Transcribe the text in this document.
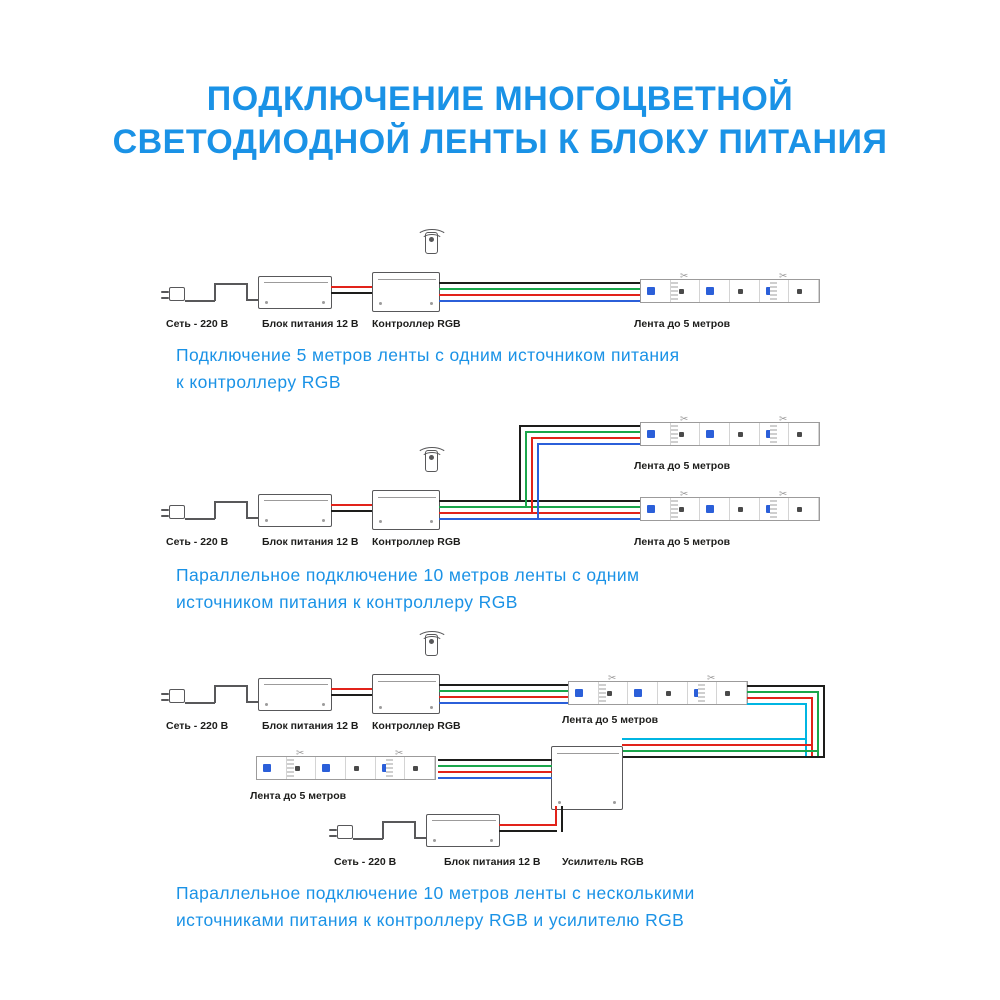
ПОДКЛЮЧЕНИЕ МНОГОЦВЕТНОЙ
СВЕТОДИОДНОЙ ЛЕНТЫ К БЛОКУ ПИТАНИЯ
✂	✂
Сеть - 220 В	Блок питания 12 В Контроллер RGB	Лента до 5 метров
Подключение 5 метров ленты с одним источником питания
к контроллеру RGB
✂	✂
Лента до 5 метров
✂	✂
Сеть - 220 В	Блок питания 12 В Контроллер RGB	Лента до 5 метров
Параллельное подключение 10 метров ленты с одним
источником питания к контроллеру RGB
✂	✂
Лента до 5 метров
✂	✂
Лента до 5 метров
Сеть - 220 В	Блок питания 12 В Контроллер RGB
Сеть - 220 В	Блок питания 12 В Усилитель RGB
Параллельное подключение 10 метров ленты с несколькими
источниками питания к контроллеру RGB и усилителю RGB
